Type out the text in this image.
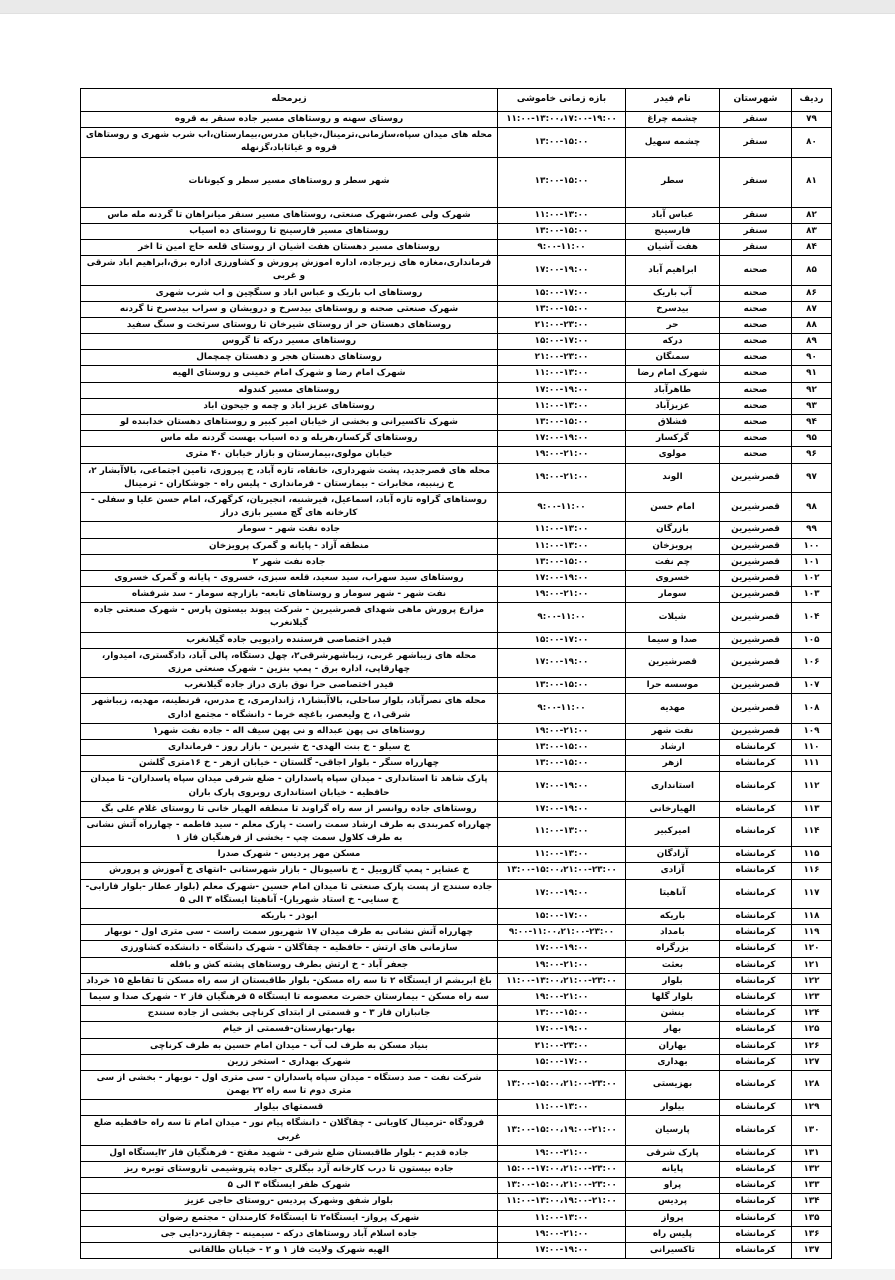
ردیف	شهرستان	نام فیدر	بازه زمانی خاموشی	زیرمحله
۷۹	سنقر	چشمه چراغ	۱۱:۰۰-۱۳:۰۰،۱۷:۰۰-۱۹:۰۰	روستای سهنه و روستاهای مسیر جاده سنقر به قروه
۸۰	سنقر	چشمه سهیل	۱۳:۰۰-۱۵:۰۰	محله های میدان سپاه،سازمانی،ترمینال،خیابان مدرس،بیمارستان،اب شرب شهری و روستاهای قروه و غیاثاباد،گزنهله
۸۱	سنقر	سطر	۱۳:۰۰-۱۵:۰۰	شهر سطر و روستاهای مسیر سطر و کیونانات
۸۲	سنقر	عباس آباد	۱۱:۰۰-۱۳:۰۰	شهرک ولی عصر،شهرک صنعتی، روستاهای مسیر سنقر میانراهان تا گردنه مله ماس
۸۳	سنقر	فارسینج	۱۳:۰۰-۱۵:۰۰	روستاهای مسیر فارسینج تا روستای ده اسیاب
۸۴	سنقر	هفت آشیان	۹:۰۰-۱۱:۰۰	روستاهای مسیر دهستان هفت اشیان از روستای قلعه حاج امین تا اخر
۸۵	صحنه	ابراهیم آباد	۱۷:۰۰-۱۹:۰۰	فرمانداری،مغازه های زیرجاده، اداره اموزش پرورش و کشاورزی اداره برق،ابراهیم اباد شرقی و غربی
۸۶	صحنه	آب باریک	۱۵:۰۰-۱۷:۰۰	روستاهای اب باریک و عباس اباد و سنگچین و اب شرب شهری
۸۷	صحنه	بیدسرخ	۱۳:۰۰-۱۵:۰۰	شهرک صنعتی صحنه و روستاهای بیدسرخ و درویشان و سراب بیدسرخ تا گردنه
۸۸	صحنه	حر	۲۱:۰۰-۲۳:۰۰	روستاهای دهستان حر از روستای شیرخان تا روستای سرتخت و سنگ سفید
۸۹	صحنه	درکه	۱۵:۰۰-۱۷:۰۰	روستاهای مسیر درکه تا گروس
۹۰	صحنه	سمنگان	۲۱:۰۰-۲۳:۰۰	روستاهای دهستان هجر و دهستان چمچمال
۹۱	صحنه	شهرک امام رضا	۱۱:۰۰-۱۳:۰۰	شهرک امام رضا و شهرک امام خمینی و روستای الهیه
۹۲	صحنه	طاهرآباد	۱۷:۰۰-۱۹:۰۰	روستاهای مسیر کندوله
۹۳	صحنه	عزیزآباد	۱۱:۰۰-۱۳:۰۰	روستاهای عزیز اباد و چمه و جیحون اباد
۹۴	صحنه	فشلاق	۱۳:۰۰-۱۵:۰۰	شهرک تاکسیرانی و بخشی از خیابان امیر کبیر و روستاهای دهستان خدابنده لو
۹۵	صحنه	گرکسار	۱۷:۰۰-۱۹:۰۰	روستاهای گرکسار،هریله و ده اسیاب بهست گردنه مله ماس
۹۶	صحنه	مولوی	۱۹:۰۰-۲۱:۰۰	خیابان مولوی،بیمارستان و بازار خیابان ۴۰ متری
۹۷	قصرشیرین	الوند	۱۹:۰۰-۲۱:۰۰	محله های قصرجدید، پشت شهرداری، خانقاه، تازه آباد، خ پیروزی، تامین اجتماعی، بالاآبشار ۲، خ زینبیه، مخابرات - بیمارستان - فرمانداری - پلیس راه - جوشکاران - ترمینال
۹۸	قصرشیرین	امام حسن	۹:۰۰-۱۱:۰۰	روستاهای گراوه تازه آباد، اسماعیل، قیرشنبه، انجیریان، کرگهرک، امام حسن علیا و سفلی - کارخانه های گچ مسیر بازی دراز
۹۹	قصرشیرین	بازرگان	۱۱:۰۰-۱۳:۰۰	جاده نفت شهر - سومار
۱۰۰	قصرشیرین	پرویزخان	۱۱:۰۰-۱۳:۰۰	منطقه آزاد - پایانه و گمرک پرویزخان
۱۰۱	قصرشیرین	چم نفت	۱۳:۰۰-۱۵:۰۰	جاده نفت شهر ۲
۱۰۲	قصرشیرین	خسروی	۱۷:۰۰-۱۹:۰۰	روستاهای سید سهراب، سید سعید، قلعه سبزی، خسروی - پایانه و گمرک خسروی
۱۰۳	قصرشیرین	سومار	۱۹:۰۰-۲۱:۰۰	نفت شهر - شهر سومار و روستاهای تابعه- بازارچه سومار - سد شرفشاه
۱۰۴	قصرشیرین	شیلات	۹:۰۰-۱۱:۰۰	مزارع پرورش ماهی شهدای قصرشیرین - شرکت پیوند بیستون پارس - شهرک صنعتی جاده گیلانغرب
۱۰۵	قصرشیرین	صدا و سیما	۱۵:۰۰-۱۷:۰۰	فیدر اختصاصی فرستنده رادیویی جاده گیلانغرب
۱۰۶	قصرشیرین	قصرشیرین	۱۷:۰۰-۱۹:۰۰	محله های زیباشهر غربی، زیباشهرشرقی۲، چهل دستگاه، پالی آباد، دادگستری، امیدوار، چهارقاپی، اداره برق - پمپ بنزین - شهرک صنعتی مرزی
۱۰۷	قصرشیرین	موسسه حرا	۱۳:۰۰-۱۵:۰۰	فیدر اختصاصی حرا نوق بازی دراز جاده گیلانغرب
۱۰۸	قصرشیرین	مهدیه	۹:۰۰-۱۱:۰۰	محله های نصرآباد، بلوار ساحلی، بالاآبشار۱، ژاندارمری، خ مدرس، قرنطینه، مهدیه، زیباشهر شرقی۱، خ ولیعصر، باغچه خرما - دانشگاه - مجتمع اداری
۱۰۹	قصرشیرین	نفت شهر	۱۹:۰۰-۲۱:۰۰	روستاهای نی پهن عبداله و نی پهن سیف اله - جاده نفت شهر۱
۱۱۰	کرمانشاه	ارشاد	۱۳:۰۰-۱۵:۰۰	خ سیلو - خ بنت الهدی- خ شیرین - بازار روز - فرمانداری
۱۱۱	کرمانشاه	ازهر	۱۳:۰۰-۱۵:۰۰	چهارراه سنگر - بلوار اجاقی- گلستان - خیابان ازهر - خ ۱۶متری گلشن
۱۱۲	کرمانشاه	استانداری	۱۷:۰۰-۱۹:۰۰	پارک شاهد تا استانداری - میدان سپاه پاسداران - ضلع شرقی میدان سپاه پاسداران- تا میدان حافظیه - خیابان استانداری روبروی پارک باران
۱۱۳	کرمانشاه	الهیارخانی	۱۷:۰۰-۱۹:۰۰	روستاهای جاده روانسر از سه راه گراوند تا منطقه الهیار خانی تا روستای غلام علی بگ
۱۱۴	کرمانشاه	امیرکبیر	۱۱:۰۰-۱۳:۰۰	چهارراه کمربندی به طرف ارشاد سمت راست - پارک معلم - سید فاطمه - چهارراه آتش نشانی به طرف کلاول سمت چپ - بخشی از فرهنگیان فاز ۱
۱۱۵	کرمانشاه	آزادگان	۱۱:۰۰-۱۳:۰۰	مسکن مهر پردیس - شهرک صدرا
۱۱۶	کرمانشاه	آزادی	۱۳:۰۰-۱۵:۰۰،۲۱:۰۰-۲۳:۰۰	خ عشایر - پمپ گازوییل - خ ناسیونال - بازار شهرستانی -انتهای خ آموزش و پرورش
۱۱۷	کرمانشاه	آناهیتا	۱۷:۰۰-۱۹:۰۰	جاده سنندج از پست پارک صنعتی تا میدان امام حسین -شهرک معلم (بلوار عطار -بلوار فارابی- خ سنایی- خ استاد شهریار)- آناهیتا ایستگاه ۳ الی ۵
۱۱۸	کرمانشاه	باریکه	۱۵:۰۰-۱۷:۰۰	ابوذر - باریکه
۱۱۹	کرمانشاه	بامداد	۹:۰۰-۱۱:۰۰،۲۱:۰۰-۲۳:۰۰	چهارراه آتش نشانی به طرف میدان ۱۷ شهریور سمت راست - سی متری اول - نوبهار
۱۲۰	کرمانشاه	بزرگراه	۱۷:۰۰-۱۹:۰۰	سازمانی های ارتش - حافظیه - چقاگلان - شهرک دانشگاه - دانشکده کشاورزی
۱۲۱	کرمانشاه	بعثت	۱۹:۰۰-۲۱:۰۰	جعفر آباد - خ ارتش بطرف روستاهای پشته کش و بافله
۱۲۲	کرمانشاه	بلوار	۱۱:۰۰-۱۳:۰۰،۲۱:۰۰-۲۳:۰۰	باغ ابریشم از ایستگاه ۲ تا سه راه مسکن- بلوار طاقبستان از سه راه مسکن تا تقاطع ۱۵ خرداد
۱۲۳	کرمانشاه	بلوار گلها	۱۹:۰۰-۲۱:۰۰	سه راه مسکن - بیمارستان حضرت معصومه تا ایستگاه ۵ فرهنگیان فاز ۲ - شهرک صدا و سیما
۱۲۴	کرمانشاه	بنشن	۱۳:۰۰-۱۵:۰۰	جانبازان فاز ۳ - و قسمتی از ابتدای کرناچی بخشی از جاده سنندج
۱۲۵	کرمانشاه	بهار	۱۷:۰۰-۱۹:۰۰	بهار-بهارستان-قسمتی از خیام
۱۲۶	کرمانشاه	بهاران	۲۱:۰۰-۲۳:۰۰	بنیاد مسکن به طرف لب آب - میدان امام حسین به طرف کرناچی
۱۲۷	کرمانشاه	بهداری	۱۵:۰۰-۱۷:۰۰	شهرک بهداری - استخر زرین
۱۲۸	کرمانشاه	بهزیستی	۱۳:۰۰-۱۵:۰۰،۲۱:۰۰-۲۳:۰۰	شرکت نفت - صد دستگاه - میدان سپاه پاسداران - سی متری اول - نوبهار - بخشی از سی متری دوم تا سه راه ۲۲ بهمن
۱۲۹	کرمانشاه	بیلوار	۱۱:۰۰-۱۳:۰۰	قسمتهای بیلوار
۱۳۰	کرمانشاه	پارسیان	۱۳:۰۰-۱۵:۰۰،۱۹:۰۰-۲۱:۰۰	فرودگاه -ترمینال کاویانی - چقاگلان - دانشگاه پیام نور - میدان امام تا سه راه حافظیه ضلع غربی
۱۳۱	کرمانشاه	پارک شرقی	۱۹:۰۰-۲۱:۰۰	جاده قدیم - بلوار طاقبستان ضلع شرقی - شهید مفتح - فرهنگیان فاز ۲ایستگاه اول
۱۳۲	کرمانشاه	پایانه	۱۵:۰۰-۱۷:۰۰،۲۱:۰۰-۲۳:۰۰	جاده بیستون تا درب کارخانه آرد بیگلری -جاده پتروشیمی تاروستای توبره ریز
۱۳۳	کرمانشاه	پراو	۱۳:۰۰-۱۵:۰۰،۲۱:۰۰-۲۳:۰۰	شهرک ظفر ایستگاه ۳ الی ۵
۱۳۴	کرمانشاه	پردیس	۱۱:۰۰-۱۳:۰۰،۱۹:۰۰-۲۱:۰۰	بلوار شفق وشهرک پردیس -روستای حاجی عزیز
۱۳۵	کرمانشاه	پرواز	۱۱:۰۰-۱۳:۰۰	شهرک پرواز- ایستگاه۲ تا ایستگاه۶ کارمندان - مجتمع رضوان
۱۳۶	کرمانشاه	پلیس راه	۱۹:۰۰-۲۱:۰۰	جاده اسلام آباد روستاهای درکه - سیمینه - چقازرد-دایی جی
۱۳۷	کرمانشاه	تاکسیرانی	۱۷:۰۰-۱۹:۰۰	الهیه شهرک ولایت فاز ۱ و ۲ - خیابان طالقانی
